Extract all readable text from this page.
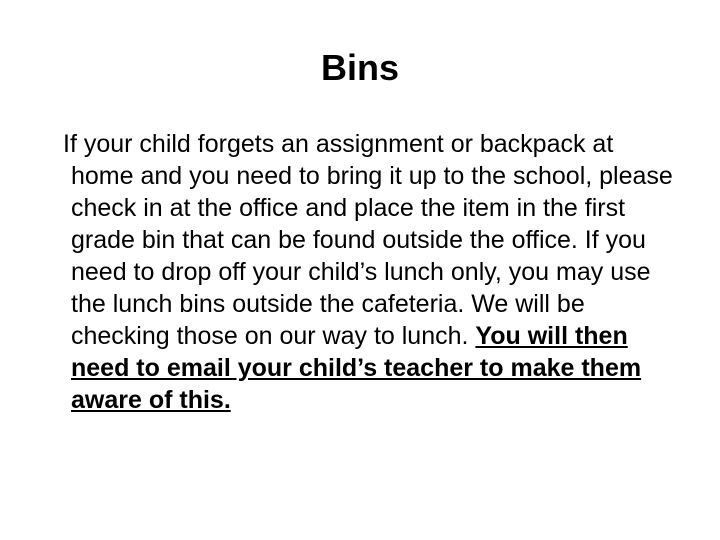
Bins

If your child forgets an assignment or backpack at home and you need to bring it up to the school, please check in at the office and place the item in the first grade bin that can be found outside the office. If you need to drop off your child’s lunch only, you may use the lunch bins outside the cafeteria. We will be checking those on our way to lunch. You will then need to email your child’s teacher to make them aware of this.
